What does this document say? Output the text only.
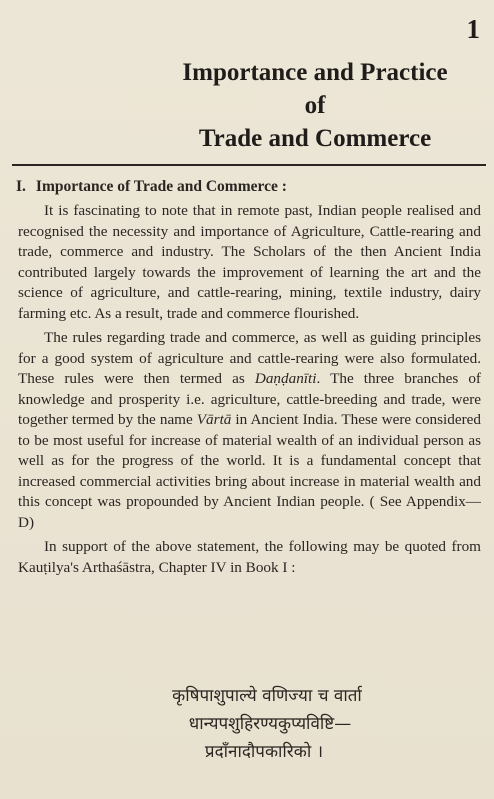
1
Importance and Practice
of
Trade and Commerce
I. Importance of Trade and Commerce :

It is fascinating to note that in remote past, Indian people realised and recognised the necessity and importance of Agriculture, Cattle-rearing and trade, commerce and industry. The Scholars of the then Ancient India contributed largely towards the improvement of learning the art and the science of agriculture, and cattle-rearing, mining, textile industry, dairy farming etc. As a result, trade and commerce flourished.

The rules regarding trade and commerce, as well as guiding principles for a good system of agriculture and cattle-rearing were also formulated. These rules were then termed as Daṇḍanīti. The three branches of knowledge and prosperity i.e. agriculture, cattle-breeding and trade, were together termed by the name Vārtā in Ancient India. These were considered to be most useful for increase of material wealth of an individual person as well as for the progress of the world. It is a fundamental concept that increased commercial activities bring about increase in material wealth and this concept was propounded by Ancient Indian people. ( See Appendix—D)

In support of the above statement, the following may be quoted from Kauṭilya's Arthaśāstra, Chapter IV in Book I :

कृषिपाशुपाल्ये वणिज्या च वार्ता
धान्यपशुहिरण्यकुप्यविष्टि—
प्रदाँनादौपकारिको ।
